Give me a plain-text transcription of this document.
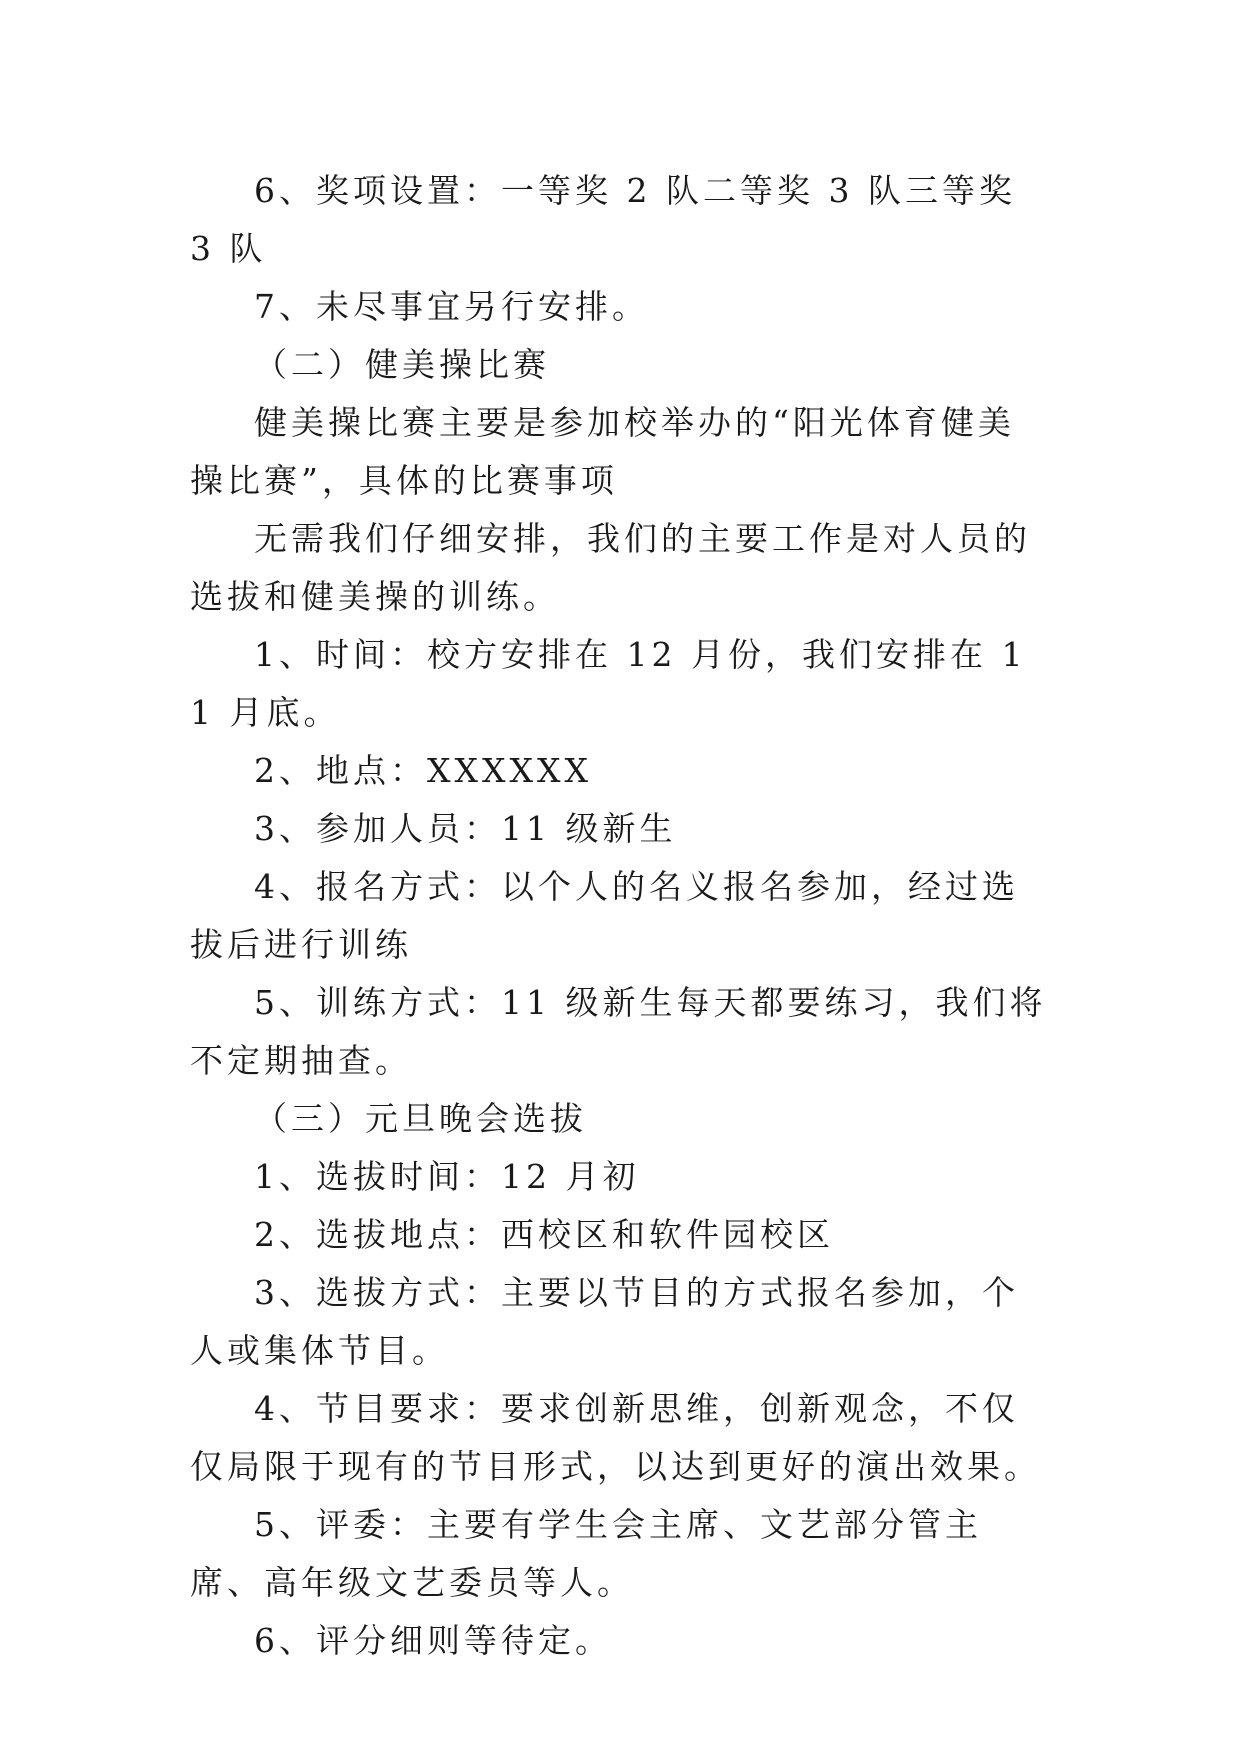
6、奖项设置：一等奖 2 队二等奖 3 队三等奖 3 队

7、未尽事宜另行安排。

（二）健美操比赛

健美操比赛主要是参加校举办的“阳光体育健美操比赛”，具体的比赛事项

无需我们仔细安排，我们的主要工作是对人员的选拔和健美操的训练。

1、时间：校方安排在 12 月份，我们安排在 11 月底。

2、地点：XXXXXX

3、参加人员：11 级新生

4、报名方式：以个人的名义报名参加，经过选拔后进行训练

5、训练方式：11 级新生每天都要练习，我们将不定期抽查。

（三）元旦晚会选拔

1、选拔时间：12 月初

2、选拔地点：西校区和软件园校区

3、选拔方式：主要以节目的方式报名参加，个人或集体节目。

4、节目要求：要求创新思维，创新观念，不仅仅局限于现有的节目形式，以达到更好的演出效果。

5、评委：主要有学生会主席、文艺部分管主席、高年级文艺委员等人。

6、评分细则等待定。
